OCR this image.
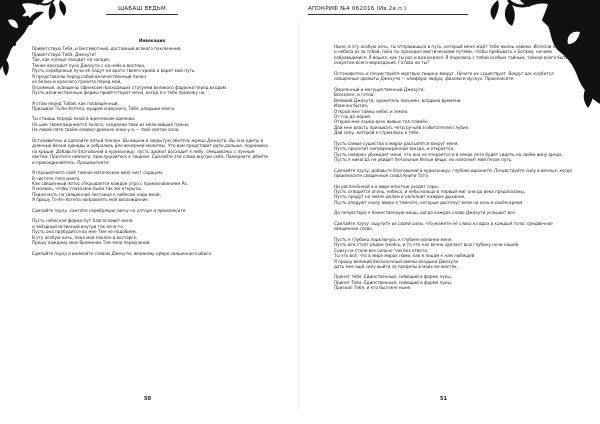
ШАБАШ ВЕДЬМ

Инвокация

Приветствую Тебя, и бессмертный, достойный всякого поклонения,

Приветствую Тебя, Джехути!

Так, как солнце заходит на западе,

Также восходит луна Джехути с на небо в востока,

Пусть серебряные лучи её падут на врата твоего храма и ворот мой путь.

Я представляю перед собой величественный пилон

из белых и красного гранита перед мой,

Огромные, освящены сфинксом проходящих статуями великого фараона перед входом.

Пусть величественные формы приветствуют меня, когда я к тебе прихожу на.

Я стою перед Тобой, как посвящённый,

Призывая Та-Ан-Хотепа, мудрей и верного, Тебя, владыки моего.

Ты стоишь передо мной в жреческом одеянии,

На шее твоей виднеются золото, сандалии твои из мельчайших пальм,

На левой пяте твоём символ-древнее анкх-у-а — твоё святое сила.

Остановитесь и сделайте пятый поклон. Вы вошли в закрытую обитель жреца Джехути. Вы она одеты в длинные белые одежды и собрались для вечерней молитвы. Что вам представит идти дальше, поднимись на крыше. Добавьте благовоний в курильницу, пусть аромат восходит к небу, смешиваясь с лунным светом. Прочтите немного, прислушайтесь к тишине. Сделайте эти слова внутри себя. Помедлите, вбейте и присоединяйтесь. Прошмыгните:

Я (прошепчите своё тайное магическое имя) чист сердцем,

В чистоте тела моего.

Как священный лотос открывается каждое утро с прикосновением Ра,

Я молюсь, чтобы глаза мои были так же открыты.

Подни мать по священной лестнице к небесам надо мной,

Я прошу Та-Ан-Хотепа направлять моё восхождение.

Сделайте паузу, зажгите серебряную свечу на алтаре и произнесите:

Пусть небесная форма Нут благословит меня,

и звёздный истинный внутри так ясно-то,

Пусть она пробудится во мне Тем не подобием.

В эту особую ночь, пока мой поклон в восторге,

Прошу каждому мою Временам Тем ясно перед мной.

Сделайте паузу и внимайте словам Джехути, великому сфере священного ибиса.

50
АПОКРИФ №4 062016 (Ив.2е.п.)

Ныне, в эту особую ночь, ты отправишься в путь, который меня ждёт тебе жизнь навеки. Исчезли невзгоди, и небеса из за тобой, пока ты проходил мистическими путями, чтобы пребывать с Богами, ночами собравшимися. Я вошел, как ты рос и возносился. Я поделюсь с тобой особым тайным, тайной всего бытия, секретом всего мироздания. Готова ли ты?

Остановитесь и почувствуйте мертвую тишину вокруг. Ничего не существует. Вокруг вас клубится священные ароматы Джехути — камфора, мирра, фиалки и мускус. Произнесите:

Омоленный и могущественный Джехути,

Всесилен, и готов.

Великий Джехути, хранитель письмен, владыка времени

Извечно бытия,

Открой мне тайны небес и земли,

От гор до морей.

Открой мне языки всех живых тел племён,

Дай мне власть призывать четы ручьёв в обитателей глубин.

Дай силу, которой я стремлюсь к тебе.

Пусть самые существа в мирах рассыпятся вокруг меня,

Пусть пролетит неповреждённой звезда, и откроется,

Пусть неверен убеждает меня, что она не откроется и в неких лета будет сидеть на своём вину вреда,

Пусть я никогда не увидит печальные белые вещи, но наполнит мой песок путь.

Сделайте паузу, добавьте благовоний в курильницу, глубоко вдохните. Почувствуйте силу в вечных, когда произносите священные слова Книги Тота.

Ни распалённой и в мире властью уходят горы,

Пусть отворится огонь, небеса, и неба кольцо в первый миг они до века предсказаны,

Пусть продут на земле делом и наполнит каждое дыхание,

Пусть следуют снизу вверх к темноте, которые достанут всем на ночь в своём время.

Да почувствую я божественную мощь, когда каждое слово Джехути услышит все.

Сделайте паузу, ощутите их своей силы, что можете её слова на вдох в каждый голос предвечное священное слово.

Пусть я глубоко подключусь к глубине изнанки меня,

Пусть все стоят рядом смеясь, и то что нас вечно сделает всю глубину ночи нашей.

Снизу на стали все сильно там без ответа,

Ты это всё, что в мире мирах нами, как к лицам к нам любящей.

Я прошу великий бесконечный имени владыки Джехути

дать мне ещё силу выйти за пределы в моих вечностях.

Принят тебя, Единственный, сияющий в форме луны,

Принят Тебя, Единственный, сияющий в форме луны,

Признал Тебя, и кто был мне ныне.

51
